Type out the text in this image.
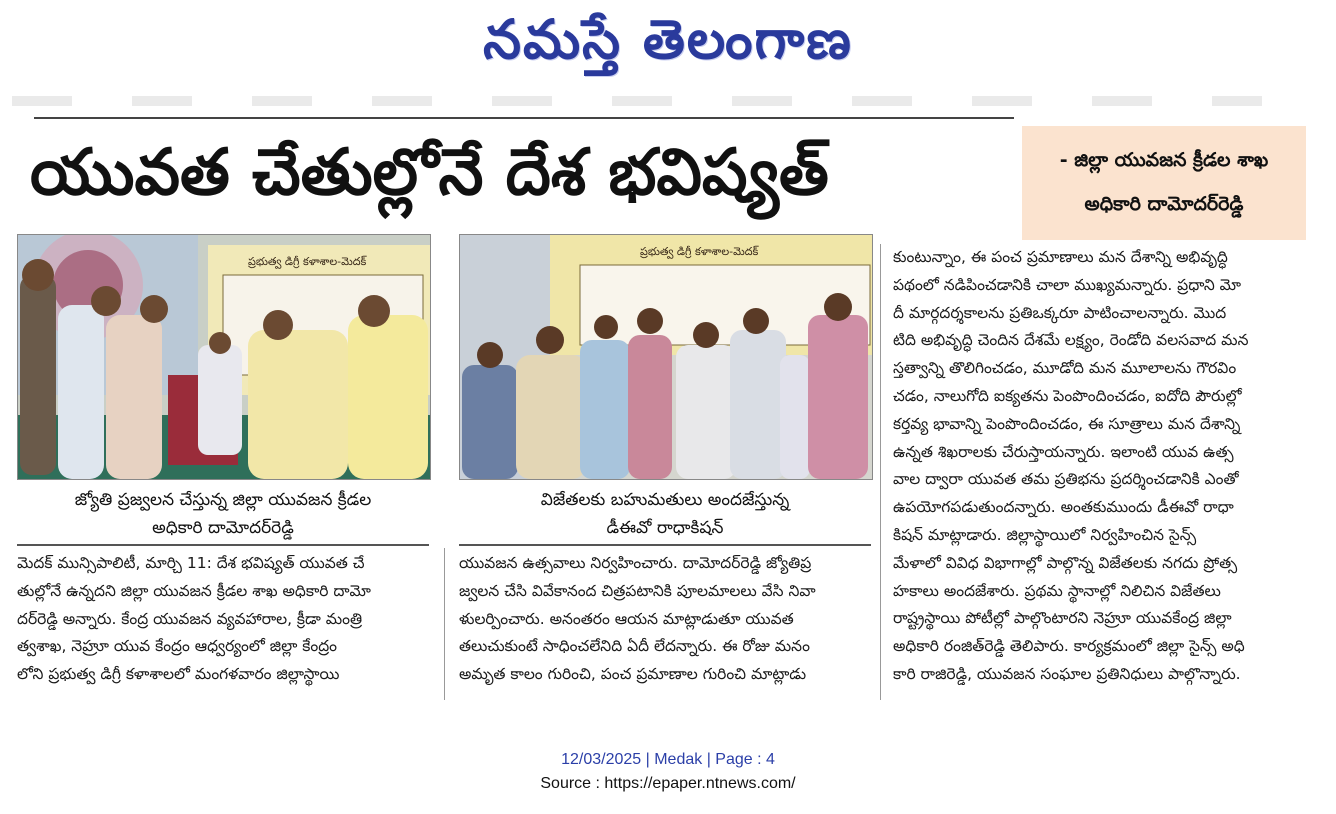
నమస్తే తెలంగాణ
యువత చేతుల్లోనే దేశ భవిష్యత్	- జిల్లా యువజన క్రీడల శాఖ
అధికారి దామోదర్‌రెడ్డి
ప్రభుత్వ డిగ్రీ కళాశాల-మెదక్
ప్రభుత్వ డిగ్రీ కళాశాల-మెదక్
జ్యోతి ప్రజ్వలన చేస్తున్న జిల్లా యువజన క్రీడల
అధికారి దామోదర్‌రెడ్డి
విజేతలకు బహుమతులు అందజేస్తున్న
డీఈవో రాధాకిషన్
మెదక్ మున్సిపాలిటీ, మార్చి 11: దేశ భవిష్యత్ యువత చే
తుల్లోనే ఉన్నదని జిల్లా యువజన క్రీడల శాఖ అధికారి దామో
దర్‌రెడ్డి అన్నారు. కేంద్ర యువజన వ్యవహారాల, క్రీడా మంత్రి
త్వశాఖ, నెహ్రూ యువ కేంద్రం ఆధ్వర్యంలో జిల్లా కేంద్రం
లోని ప్రభుత్వ డిగ్రీ కళాశాలలో మంగళవారం జిల్లాస్థాయి
యువజన ఉత్సవాలు నిర్వహించారు. దామోదర్‌రెడ్డి జ్యోతిప్ర
జ్వలన చేసి వివేకానంద చిత్రపటానికి పూలమాలలు వేసి నివా
ళులర్పించారు. అనంతరం ఆయన మాట్లాడుతూ యువత
తలుచుకుంటే సాధించలేనిది ఏదీ లేదన్నారు. ఈ రోజు మనం
అమృత కాలం గురించి, పంచ ప్రమాణాల గురించి మాట్లాడు
కుంటున్నాం, ఈ పంచ ప్రమాణాలు మన దేశాన్ని అభివృద్ధి
పథంలో నడిపించడానికి చాలా ముఖ్యమన్నారు. ప్రధాని మో
దీ మార్గదర్శకాలను ప్రతిఒక్కరూ పాటించాలన్నారు. మొద
టిది అభివృద్ధి చెందిన దేశమే లక్ష్యం, రెండోది వలసవాద మన
స్తత్వాన్ని తొలిగించడం, మూడోది మన మూలాలను గౌరవిం
చడం, నాలుగోది ఐక్యతను పెంపొందించడం, ఐదోది పౌరుల్లో
కర్తవ్య భావాన్ని పెంపొందించడం, ఈ సూత్రాలు మన దేశాన్ని
ఉన్నత శిఖరాలకు చేరుస్తాయన్నారు. ఇలాంటి యువ ఉత్స
వాల ద్వారా యువత తమ ప్రతిభను ప్రదర్శించడానికి ఎంతో
ఉపయోగపడుతుందన్నారు. అంతకుముందు డీఈవో రాధా
కిషన్ మాట్లాడారు. జిల్లాస్థాయిలో నిర్వహించిన సైన్స్
మేళాలో వివిధ విభాగాల్లో పాల్గొన్న విజేతలకు నగదు ప్రోత్స
హకాలు అందజేశారు. ప్రథమ స్థానాల్లో నిలిచిన విజేతలు
రాష్ట్రస్థాయి పోటీల్లో పాల్గొంటారని నెహ్రూ యువకేంద్ర జిల్లా
అధికారి రంజిత్‌రెడ్డి తెలిపారు. కార్యక్రమంలో జిల్లా సైన్స్ అధి
కారి రాజిరెడ్డి, యువజన సంఘాల ప్రతినిధులు పాల్గొన్నారు.
12/03/2025 | Medak | Page : 4
Source : https://epaper.ntnews.com/
